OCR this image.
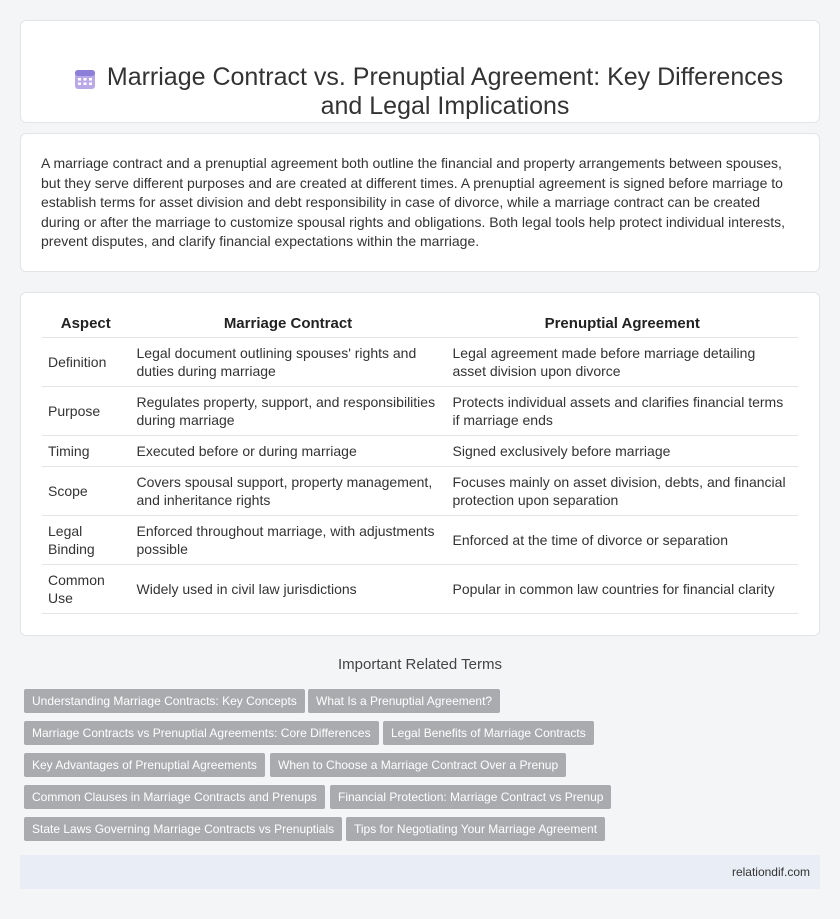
Marriage Contract vs. Prenuptial Agreement: Key Differences and Legal Implications

A marriage contract and a prenuptial agreement both outline the financial and property arrangements between spouses, but they serve different purposes and are created at different times. A prenuptial agreement is signed before marriage to establish terms for asset division and debt responsibility in case of divorce, while a marriage contract can be created during or after the marriage to customize spousal rights and obligations. Both legal tools help protect individual interests, prevent disputes, and clarify financial expectations within the marriage.

Aspect	Marriage Contract	Prenuptial Agreement
Definition	Legal document outlining spouses' rights and duties during marriage	Legal agreement made before marriage detailing asset division upon divorce
Purpose	Regulates property, support, and responsibilities during marriage	Protects individual assets and clarifies financial terms if marriage ends
Timing	Executed before or during marriage	Signed exclusively before marriage
Scope	Covers spousal support, property management, and inheritance rights	Focuses mainly on asset division, debts, and financial protection upon separation
Legal Binding	Enforced throughout marriage, with adjustments possible	Enforced at the time of divorce or separation
Common Use	Widely used in civil law jurisdictions	Popular in common law countries for financial clarity
Important Related Terms
Understanding Marriage Contracts: Key Concepts	What Is a Prenuptial Agreement?
Marriage Contracts vs Prenuptial Agreements: Core Differences	Legal Benefits of Marriage Contracts
Key Advantages of Prenuptial Agreements	When to Choose a Marriage Contract Over a Prenup
Common Clauses in Marriage Contracts and Prenups	Financial Protection: Marriage Contract vs Prenup
State Laws Governing Marriage Contracts vs Prenuptials	Tips for Negotiating Your Marriage Agreement
relationdif.com
